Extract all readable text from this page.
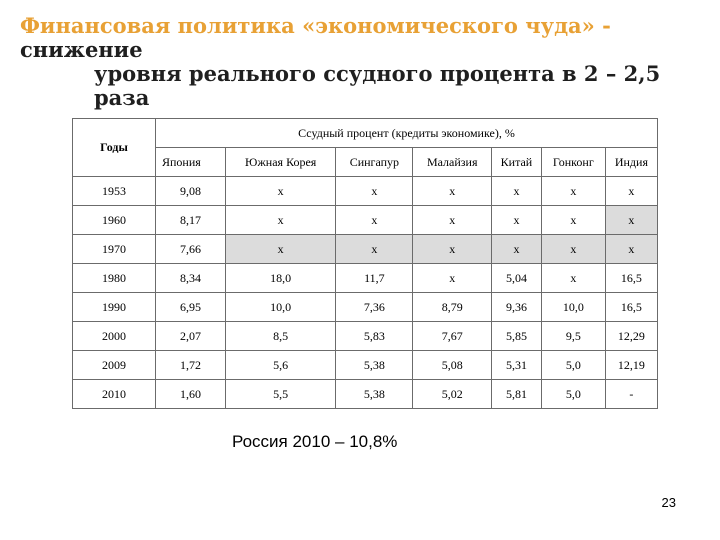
Финансовая политика «экономического чуда» - снижение
уровня реального ссудного процента в 2 – 2,5 раза
Годы	Ссудный процент (кредиты экономике), %						
	Япония	Южная Корея	Сингапур	Малайзия	Китай	Гонконг	Индия
1953	9,08	x	x	x	x	x	x
1960	8,17	x	x	x	x	x	x
1970	7,66	x	x	x	x	x	x
1980	8,34	18,0	11,7	x	5,04	x	16,5
1990	6,95	10,0	7,36	8,79	9,36	10,0	16,5
2000	2,07	8,5	5,83	7,67	5,85	9,5	12,29
2009	1,72	5,6	5,38	5,08	5,31	5,0	12,19
2010	1,60	5,5	5,38	5,02	5,81	5,0	-
Россия 2010 – 10,8%
23
